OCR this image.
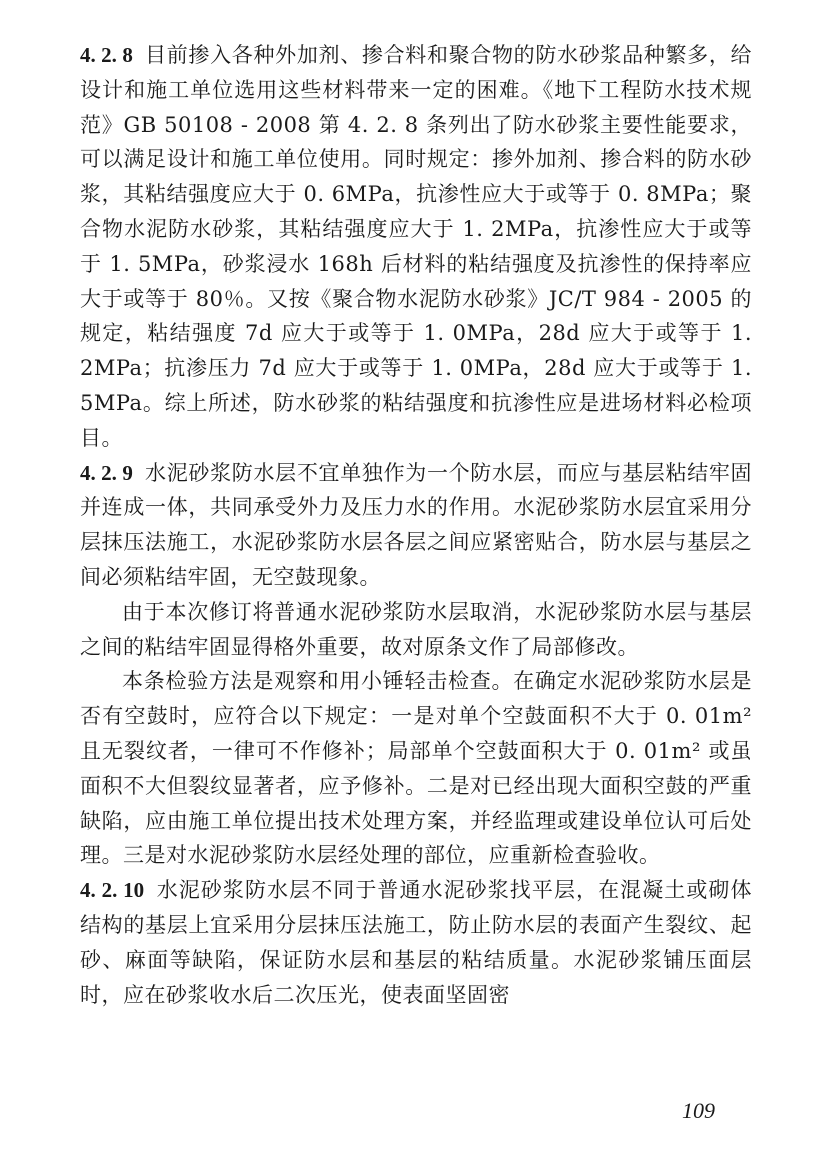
4. 2. 8 目前掺入各种外加剂、掺合料和聚合物的防水砂浆品种繁多，给设计和施工单位选用这些材料带来一定的困难。《地下工程防水技术规范》GB 50108 - 2008 第 4. 2. 8 条列出了防水砂浆主要性能要求，可以满足设计和施工单位使用。同时规定：掺外加剂、掺合料的防水砂浆，其粘结强度应大于 0. 6MPa，抗渗性应大于或等于 0. 8MPa；聚合物水泥防水砂浆，其粘结强度应大于 1. 2MPa，抗渗性应大于或等于 1. 5MPa，砂浆浸水 168h 后材料的粘结强度及抗渗性的保持率应大于或等于 80％。又按《聚合物水泥防水砂浆》JC/T 984 - 2005 的规定，粘结强度 7d 应大于或等于 1. 0MPa，28d 应大于或等于 1. 2MPa；抗渗压力 7d 应大于或等于 1. 0MPa，28d 应大于或等于 1. 5MPa。综上所述，防水砂浆的粘结强度和抗渗性应是进场材料必检项目。

4. 2. 9 水泥砂浆防水层不宜单独作为一个防水层，而应与基层粘结牢固并连成一体，共同承受外力及压力水的作用。水泥砂浆防水层宜采用分层抹压法施工，水泥砂浆防水层各层之间应紧密贴合，防水层与基层之间必须粘结牢固，无空鼓现象。

由于本次修订将普通水泥砂浆防水层取消，水泥砂浆防水层与基层之间的粘结牢固显得格外重要，故对原条文作了局部修改。

本条检验方法是观察和用小锤轻击检查。在确定水泥砂浆防水层是否有空鼓时，应符合以下规定：一是对单个空鼓面积不大于 0. 01m² 且无裂纹者，一律可不作修补；局部单个空鼓面积大于 0. 01m² 或虽面积不大但裂纹显著者，应予修补。二是对已经出现大面积空鼓的严重缺陷，应由施工单位提出技术处理方案，并经监理或建设单位认可后处理。三是对水泥砂浆防水层经处理的部位，应重新检查验收。

4. 2. 10 水泥砂浆防水层不同于普通水泥砂浆找平层，在混凝土或砌体结构的基层上宜采用分层抹压法施工，防止防水层的表面产生裂纹、起砂、麻面等缺陷，保证防水层和基层的粘结质量。水泥砂浆铺压面层时，应在砂浆收水后二次压光，使表面坚固密

109
